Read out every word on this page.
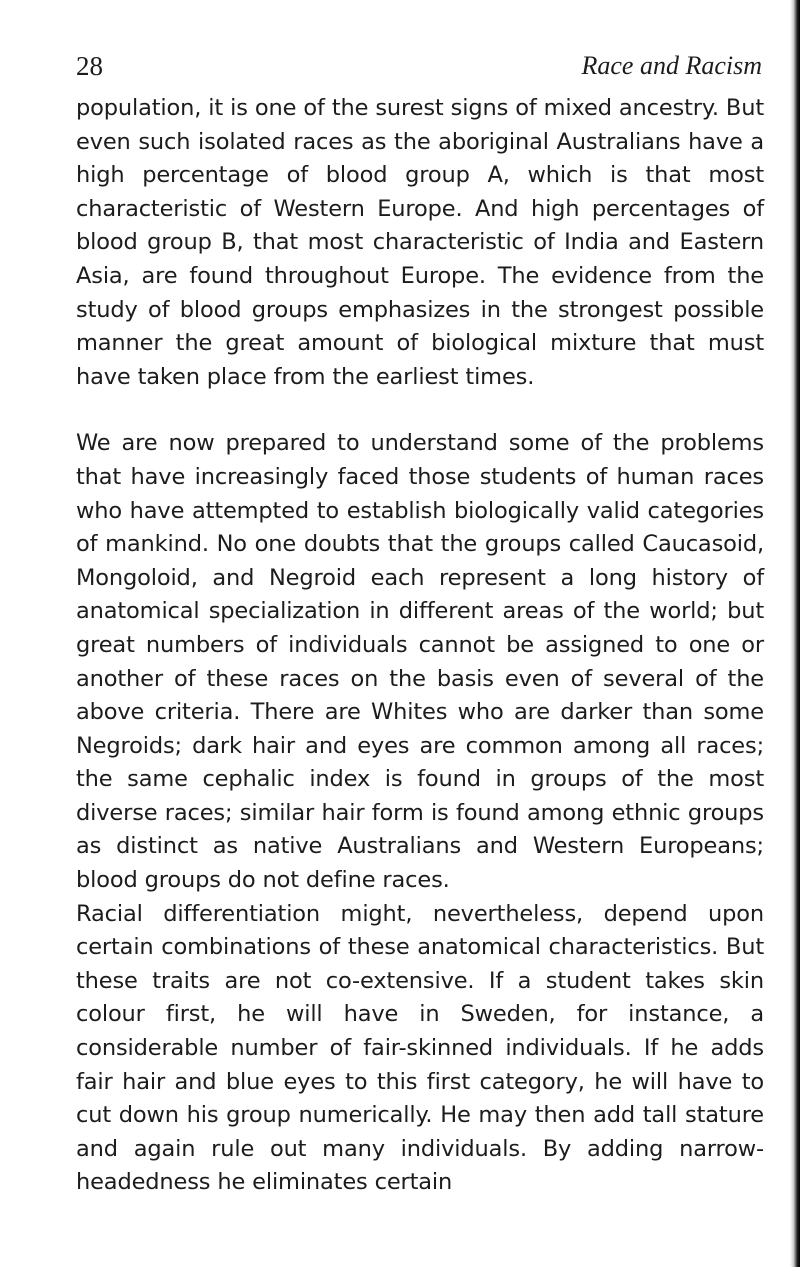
28	Race and Racism

population, it is one of the surest signs of mixed ancestry. But even such isolated races as the aboriginal Australians have a high percentage of blood group A, which is that most characteristic of Western Europe. And high percentages of blood group B, that most characteristic of India and Eastern Asia, are found throughout Europe. The evidence from the study of blood groups emphasizes in the strongest possible manner the great amount of biological mixture that must have taken place from the earliest times.

We are now prepared to understand some of the problems that have increasingly faced those students of human races who have attempted to establish biologically valid categories of mankind. No one doubts that the groups called Caucasoid, Mongoloid, and Negroid each represent a long history of anatomical specialization in different areas of the world; but great numbers of individuals cannot be assigned to one or another of these races on the basis even of several of the above criteria. There are Whites who are darker than some Negroids; dark hair and eyes are common among all races; the same cephalic index is found in groups of the most diverse races; similar hair form is found among ethnic groups as distinct as native Australians and Western Europeans; blood groups do not define races.

Racial differentiation might, nevertheless, depend upon certain combinations of these anatomical characteristics. But these traits are not co-extensive. If a student takes skin colour first, he will have in Sweden, for instance, a considerable number of fair-skinned individuals. If he adds fair hair and blue eyes to this first category, he will have to cut down his group numerically. He may then add tall stature and again rule out many individuals. By adding narrow-headedness he eliminates certain
